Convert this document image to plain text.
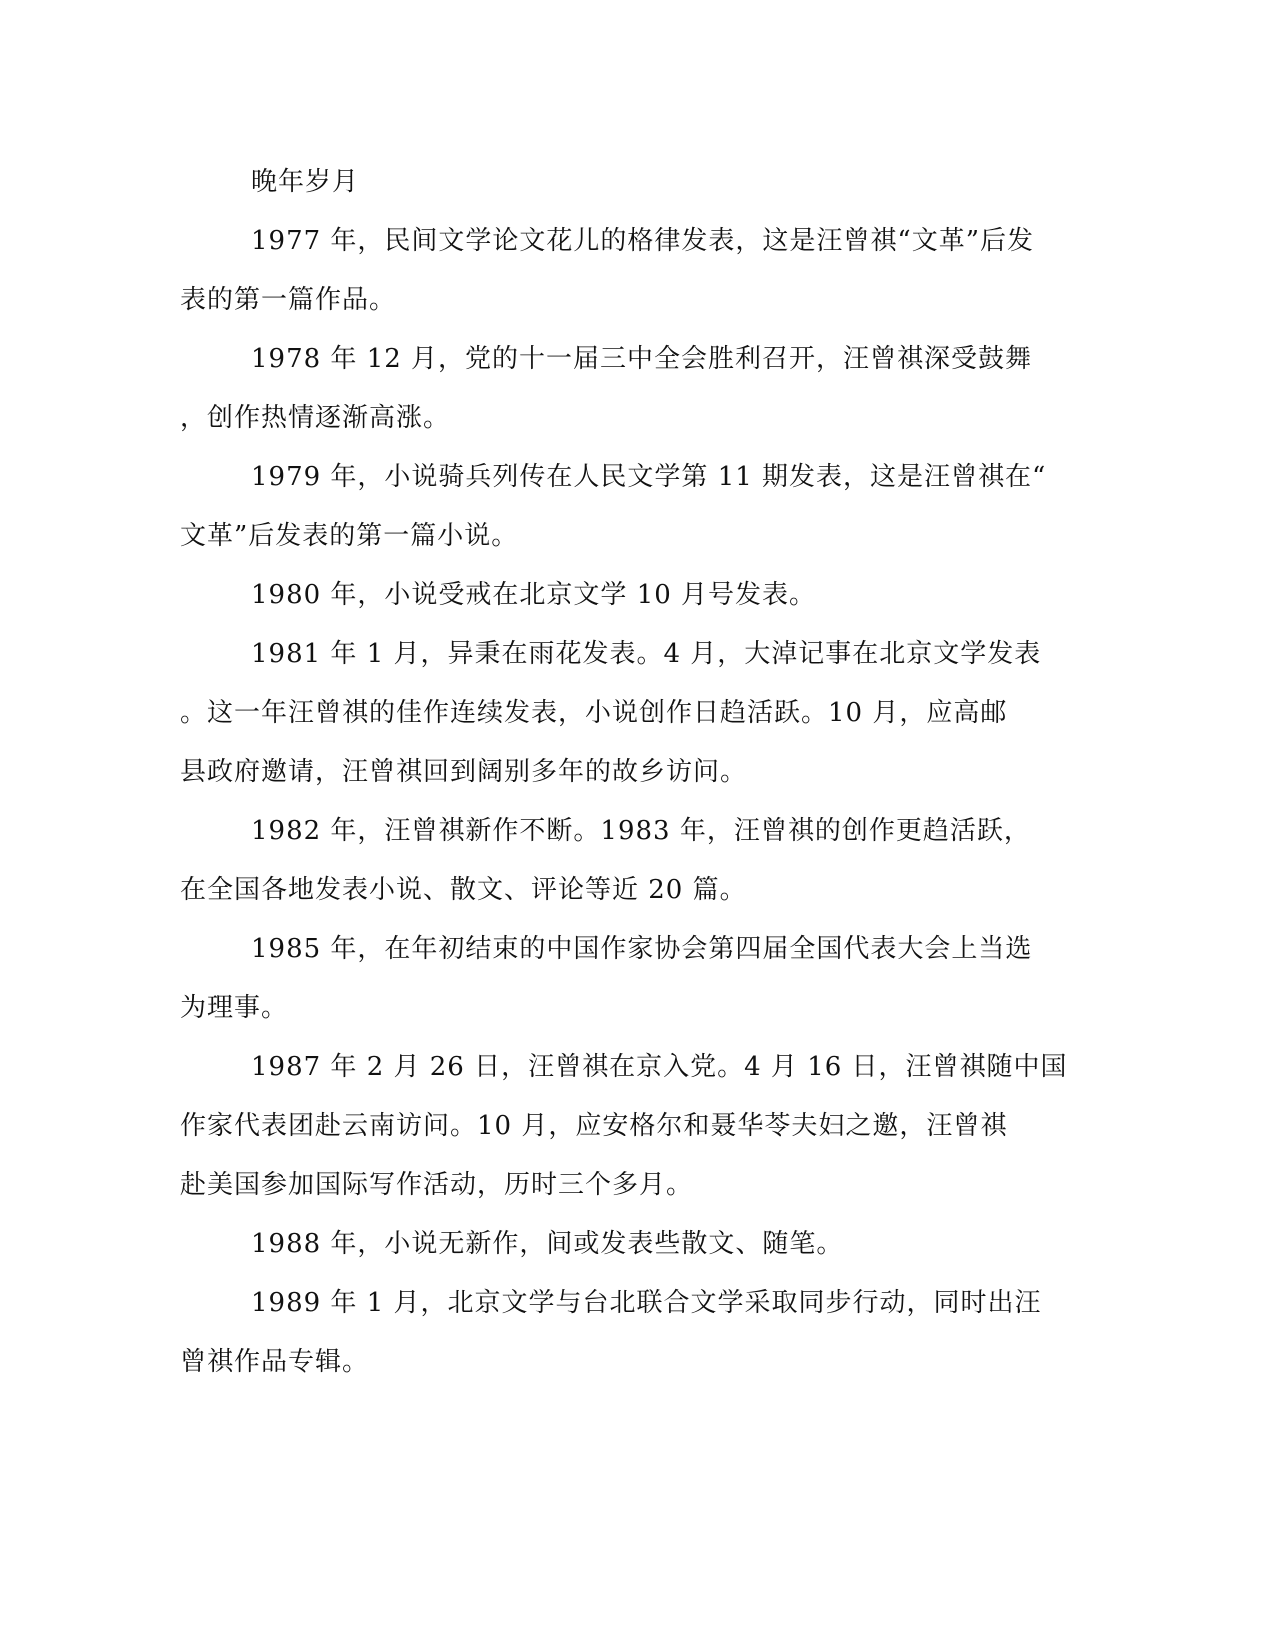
晚年岁月
1977 年，民间文学论文花儿的格律发表，这是汪曾祺“文革”后发
表的第一篇作品。
1978 年 12 月，党的十一届三中全会胜利召开，汪曾祺深受鼓舞
，创作热情逐渐高涨。
1979 年，小说骑兵列传在人民文学第 11 期发表，这是汪曾祺在“
文革”后发表的第一篇小说。
1980 年，小说受戒在北京文学 10 月号发表。
1981 年 1 月，异秉在雨花发表。4 月，大淖记事在北京文学发表
。这一年汪曾祺的佳作连续发表，小说创作日趋活跃。10 月，应高邮
县政府邀请，汪曾祺回到阔别多年的故乡访问。
1982 年，汪曾祺新作不断。1983 年，汪曾祺的创作更趋活跃，
在全国各地发表小说、散文、评论等近 20 篇。
1985 年，在年初结束的中国作家协会第四届全国代表大会上当选
为理事。
1987 年 2 月 26 日，汪曾祺在京入党。4 月 16 日，汪曾祺随中国
作家代表团赴云南访问。10 月，应安格尔和聂华苓夫妇之邀，汪曾祺
赴美国参加国际写作活动，历时三个多月。
1988 年，小说无新作，间或发表些散文、随笔。
1989 年 1 月，北京文学与台北联合文学采取同步行动，同时出汪
曾祺作品专辑。
